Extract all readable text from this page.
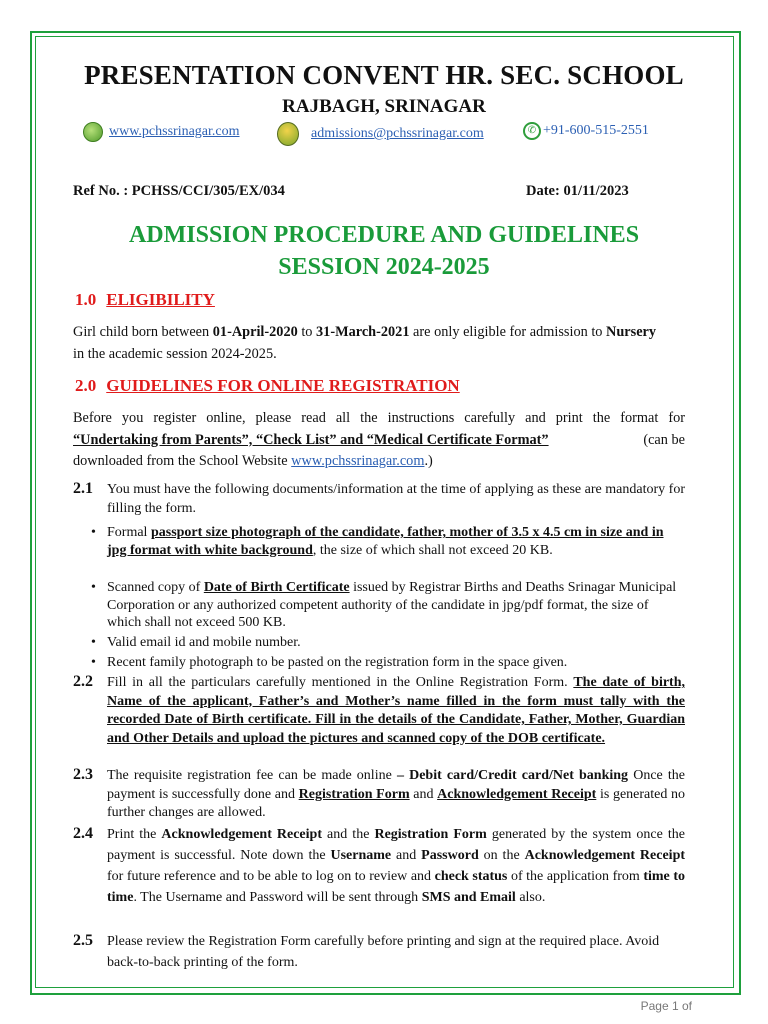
PRESENTATION CONVENT HR. SEC. SCHOOL
RAJBAGH, SRINAGAR
www.pchssrinagar.com	admissions@pchssrinagar.com	✆ +91-600-515-2551
Ref No. : PCHSS/CCI/305/EX/034	Date: 01/11/2023
ADMISSION PROCEDURE AND GUIDELINES
SESSION 2024-2025
1.0 ELIGIBILITY
Girl child born between 01-April-2020 to 31-March-2021 are only eligible for admission to Nursery
in the academic session 2024-2025.
2.0 GUIDELINES FOR ONLINE REGISTRATION
Before you register online, please read all the instructions carefully and print the format for
“Undertaking from Parents”, “Check List” and “Medical Certificate Format”	(can be
downloaded from the School Website www.pchssrinagar.com.)
2.1 You must have the following documents/information at the time of applying as these are mandatory for filling the form.
• Formal passport size photograph of the candidate, father, mother of 3.5 x 4.5 cm in size and in jpg format with white background, the size of which shall not exceed 20 KB.
• Scanned copy of Date of Birth Certificate issued by Registrar Births and Deaths Srinagar Municipal Corporation or any authorized competent authority of the candidate in jpg/pdf format, the size of which shall not exceed 500 KB.
• Valid email id and mobile number.
• Recent family photograph to be pasted on the registration form in the space given.
2.2 Fill in all the particulars carefully mentioned in the Online Registration Form. The date of birth, Name of the applicant, Father’s and Mother’s name filled in the form must tally with the recorded Date of Birth certificate. Fill in the details of the Candidate, Father, Mother, Guardian and Other Details and upload the pictures and scanned copy of the DOB certificate.
2.3 The requisite registration fee can be made online – Debit card/Credit card/Net banking Once the payment is successfully done and Registration Form and Acknowledgement Receipt is generated no further changes are allowed.
2.4 Print the Acknowledgement Receipt and the Registration Form generated by the system once the payment is successful. Note down the Username and Password on the Acknowledgement Receipt for future reference and to be able to log on to review and check status of the application from time to time. The Username and Password will be sent through SMS and Email also.
2.5 Please review the Registration Form carefully before printing and sign at the required place. Avoid back-to-back printing of the form.
Page 1 of
